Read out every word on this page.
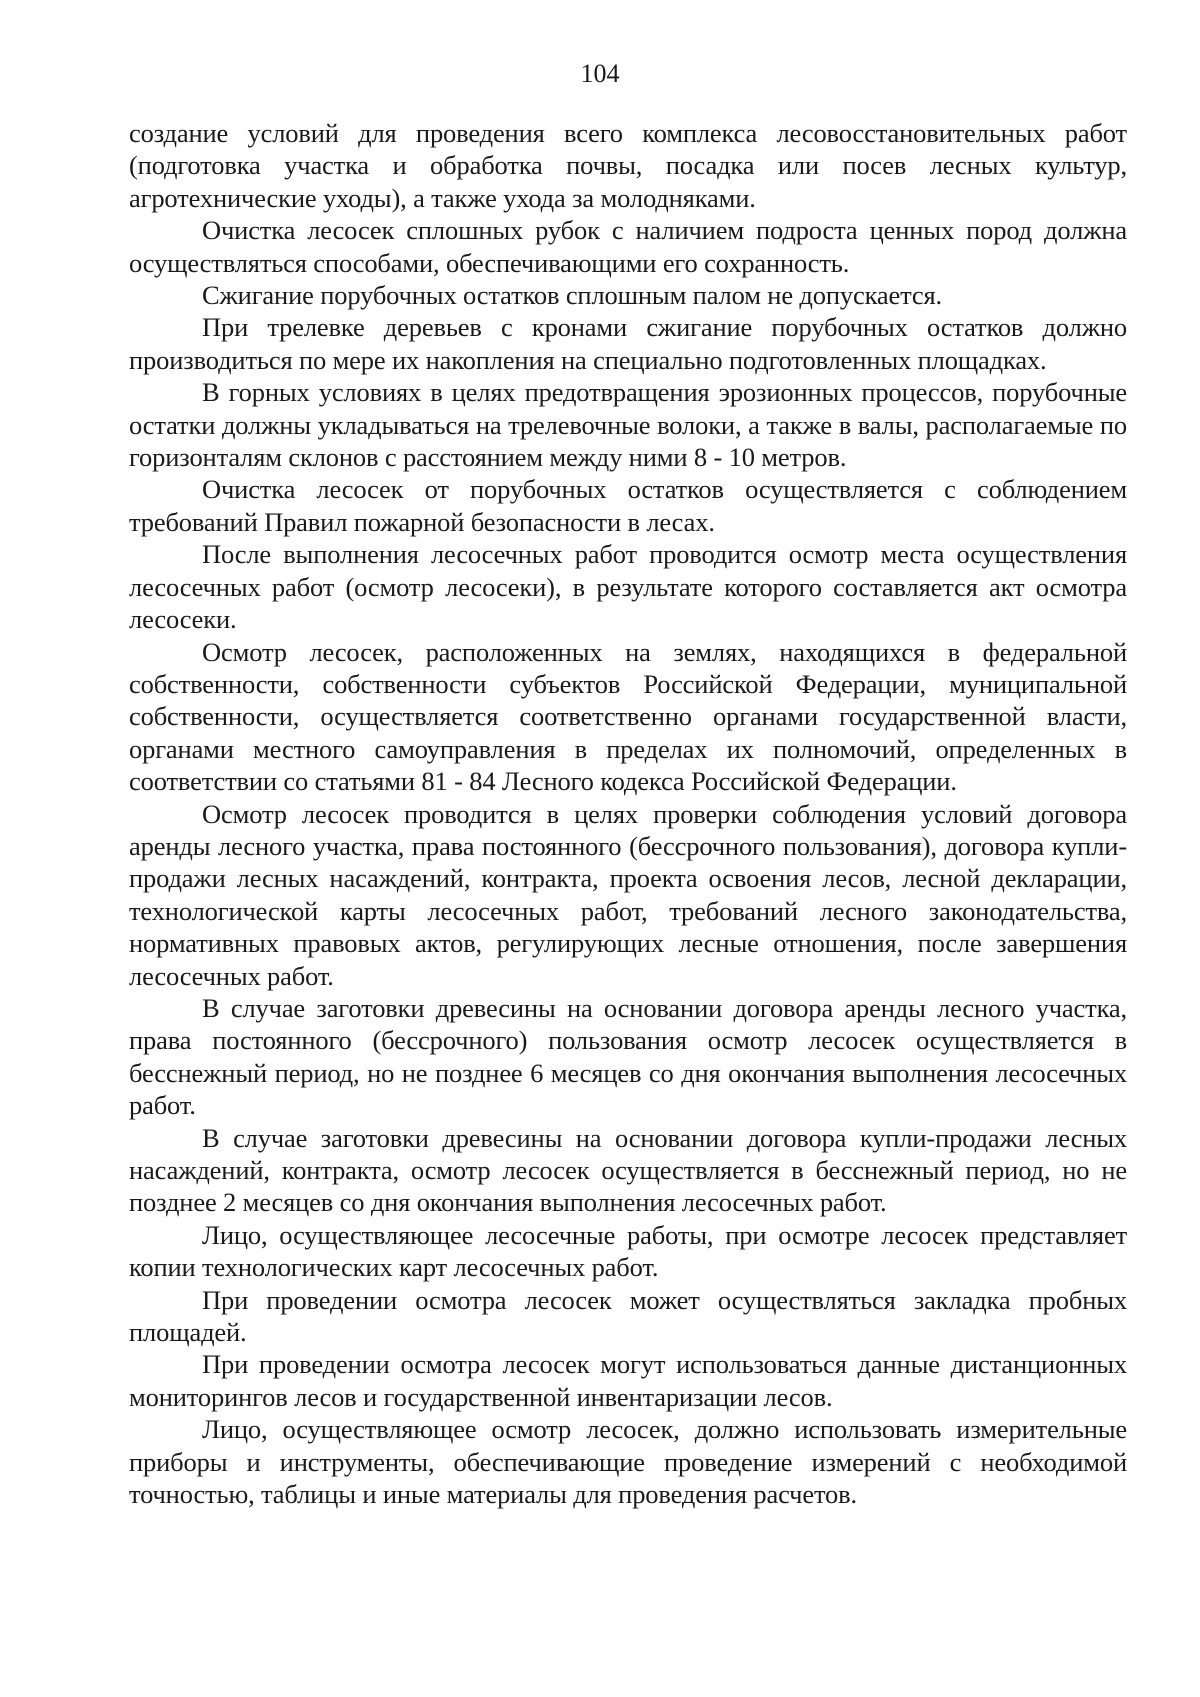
104

создание условий для проведения всего комплекса лесовосстановительных работ (подготовка участка и обработка почвы, посадка или посев лесных культур, агротехнические уходы), а также ухода за молодняками.

Очистка лесосек сплошных рубок с наличием подроста ценных пород должна осуществляться способами, обеспечивающими его сохранность.

Сжигание порубочных остатков сплошным палом не допускается.

При трелевке деревьев с кронами сжигание порубочных остатков должно производиться по мере их накопления на специально подготовленных площадках.

В горных условиях в целях предотвращения эрозионных процессов, порубочные остатки должны укладываться на трелевочные волоки, а также в валы, располагаемые по горизонталям склонов с расстоянием между ними 8 - 10 метров.

Очистка лесосек от порубочных остатков осуществляется с соблюдением требований Правил пожарной безопасности в лесах.

После выполнения лесосечных работ проводится осмотр места осуществления лесосечных работ (осмотр лесосеки), в результате которого составляется акт осмотра лесосеки.

Осмотр лесосек, расположенных на землях, находящихся в федеральной собственности, собственности субъектов Российской Федерации, муниципальной собственности, осуществляется соответственно органами государственной власти, органами местного самоуправления в пределах их полномочий, определенных в соответствии со статьями 81 - 84 Лесного кодекса Российской Федерации.

Осмотр лесосек проводится в целях проверки соблюдения условий договора аренды лесного участка, права постоянного (бессрочного пользования), договора купли-продажи лесных насаждений, контракта, проекта освоения лесов, лесной декларации, технологической карты лесосечных работ, требований лесного законодательства, нормативных правовых актов, регулирующих лесные отношения, после завершения лесосечных работ.

В случае заготовки древесины на основании договора аренды лесного участка, права постоянного (бессрочного) пользования осмотр лесосек осуществляется в бесснежный период, но не позднее 6 месяцев со дня окончания выполнения лесосечных работ.

В случае заготовки древесины на основании договора купли-продажи лесных насаждений, контракта, осмотр лесосек осуществляется в бесснежный период, но не позднее 2 месяцев со дня окончания выполнения лесосечных работ.

Лицо, осуществляющее лесосечные работы, при осмотре лесосек представляет копии технологических карт лесосечных работ.

При проведении осмотра лесосек может осуществляться закладка пробных площадей.

При проведении осмотра лесосек могут использоваться данные дистанционных мониторингов лесов и государственной инвентаризации лесов.

Лицо, осуществляющее осмотр лесосек, должно использовать измерительные приборы и инструменты, обеспечивающие проведение измерений с необходимой точностью, таблицы и иные материалы для проведения расчетов.
